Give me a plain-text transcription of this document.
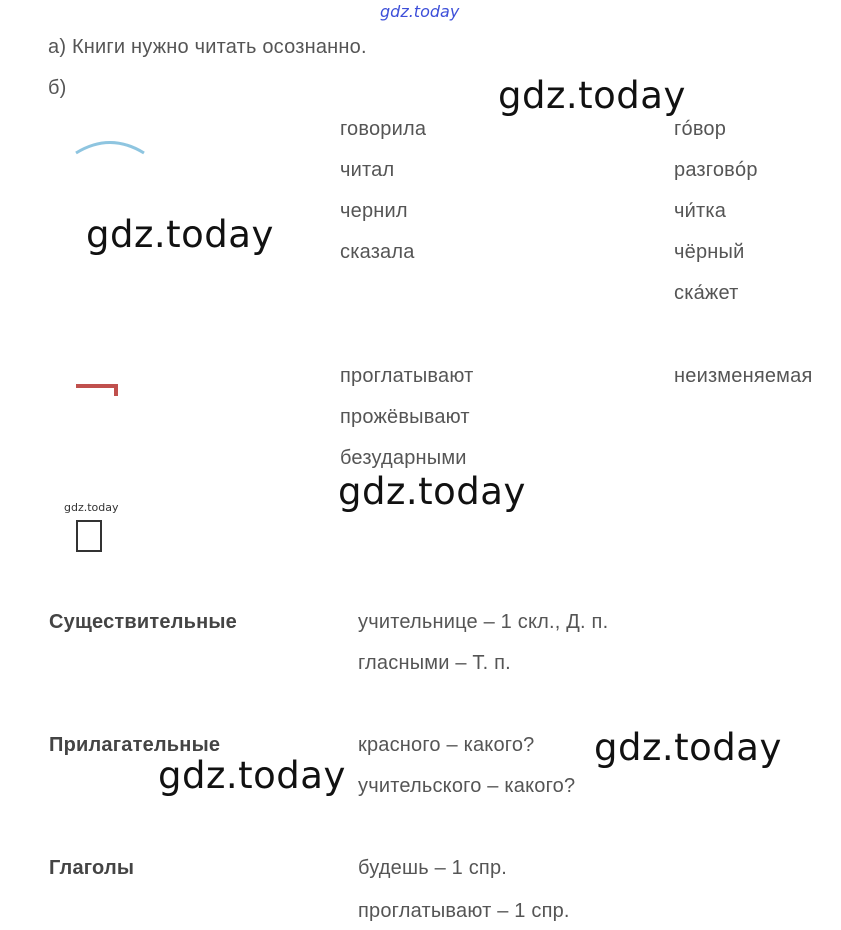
gdz.today
gdz.today
gdz.today
gdz.today
gdz.today
gdz.today
gdz.today
а) Книги нужно читать осознанно.
б)
говорила
читал
чернил
сказала
гóвор
разговóр
чи́тка
чёрный
ска́жет
проглатывают
прожёвывают
безударными
неизменяемая
Существительные	учительнице – 1 скл., Д. п.
гласными – Т. п.
Прилагательные	красного – какого?
учительского – какого?
Глаголы	будешь – 1 спр.
проглатывают – 1 спр.
